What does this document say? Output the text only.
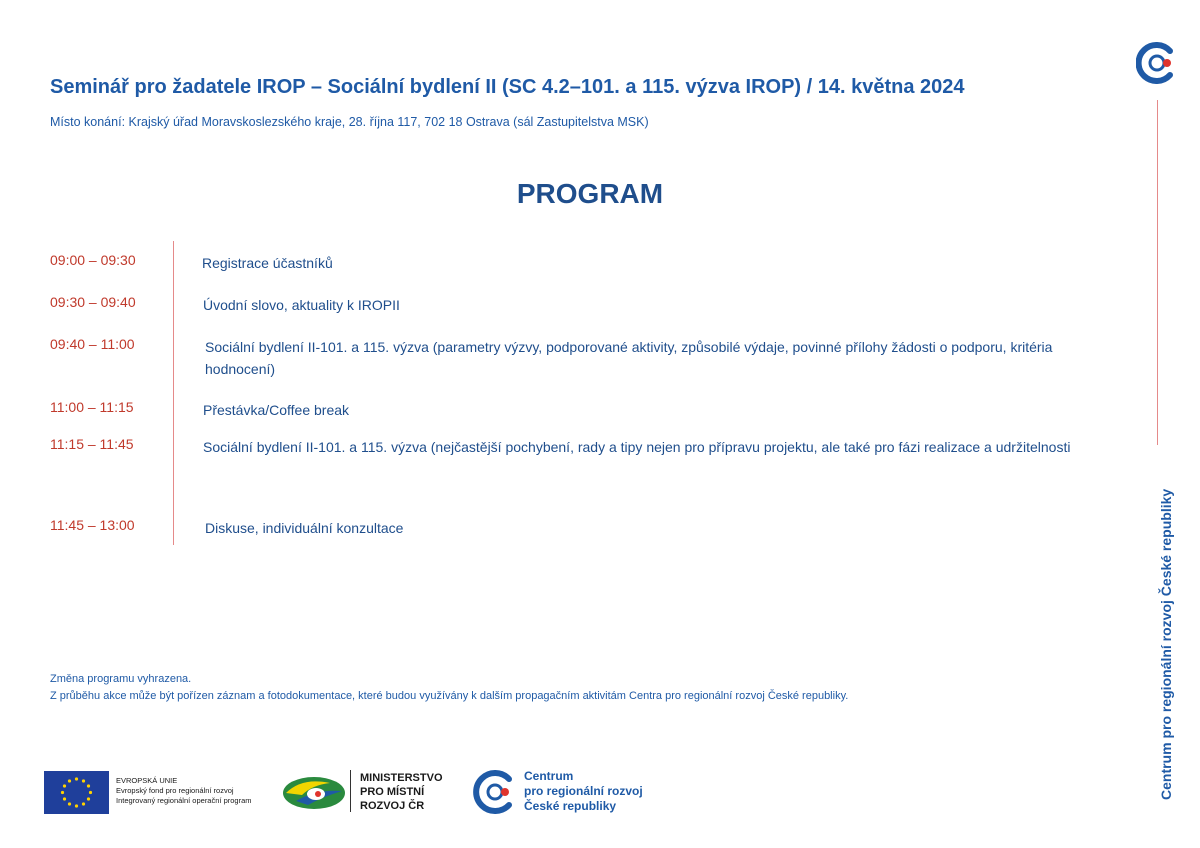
Seminář pro žadatele IROP – Sociální bydlení II (SC 4.2–101. a 115. výzva IROP) / 14. května 2024

Místo konání: Krajský úřad Moravskoslezského kraje, 28. října 117, 702 18 Ostrava (sál Zastupitelstva MSK)

PROGRAM
09:00 – 09:30	Registrace účastníků
09:30 – 09:40	Úvodní slovo, aktuality k IROPII
09:40 – 11:00	Sociální bydlení II-101. a 115. výzva (parametry výzvy, podporované aktivity, způsobilé výdaje, povinné přílohy žádosti o podporu, kritéria hodnocení)
11:00 – 11:15	Přestávka/Coffee break
11:15 – 11:45	Sociální bydlení II-101. a 115. výzva (nejčastější pochybení, rady a tipy nejen pro přípravu projektu, ale také pro fázi realizace a udržitelnosti
11:45 – 13:00	Diskuse, individuální konzultace
Změna programu vyhrazena.
Z průběhu akce může být pořízen záznam a fotodokumentace, které budou využívány k dalším propagačním aktivitám Centra pro regionální rozvoj České republiky.	Centrum pro regionální rozvoj České republiky
EVROPSKÁ UNIE
Evropský fond pro regionální rozvoj
Integrovaný regionální operační program
MINISTERSTVO
PRO MÍSTNÍ
ROZVOJ ČR
Centrum
pro regionální rozvoj
České republiky
